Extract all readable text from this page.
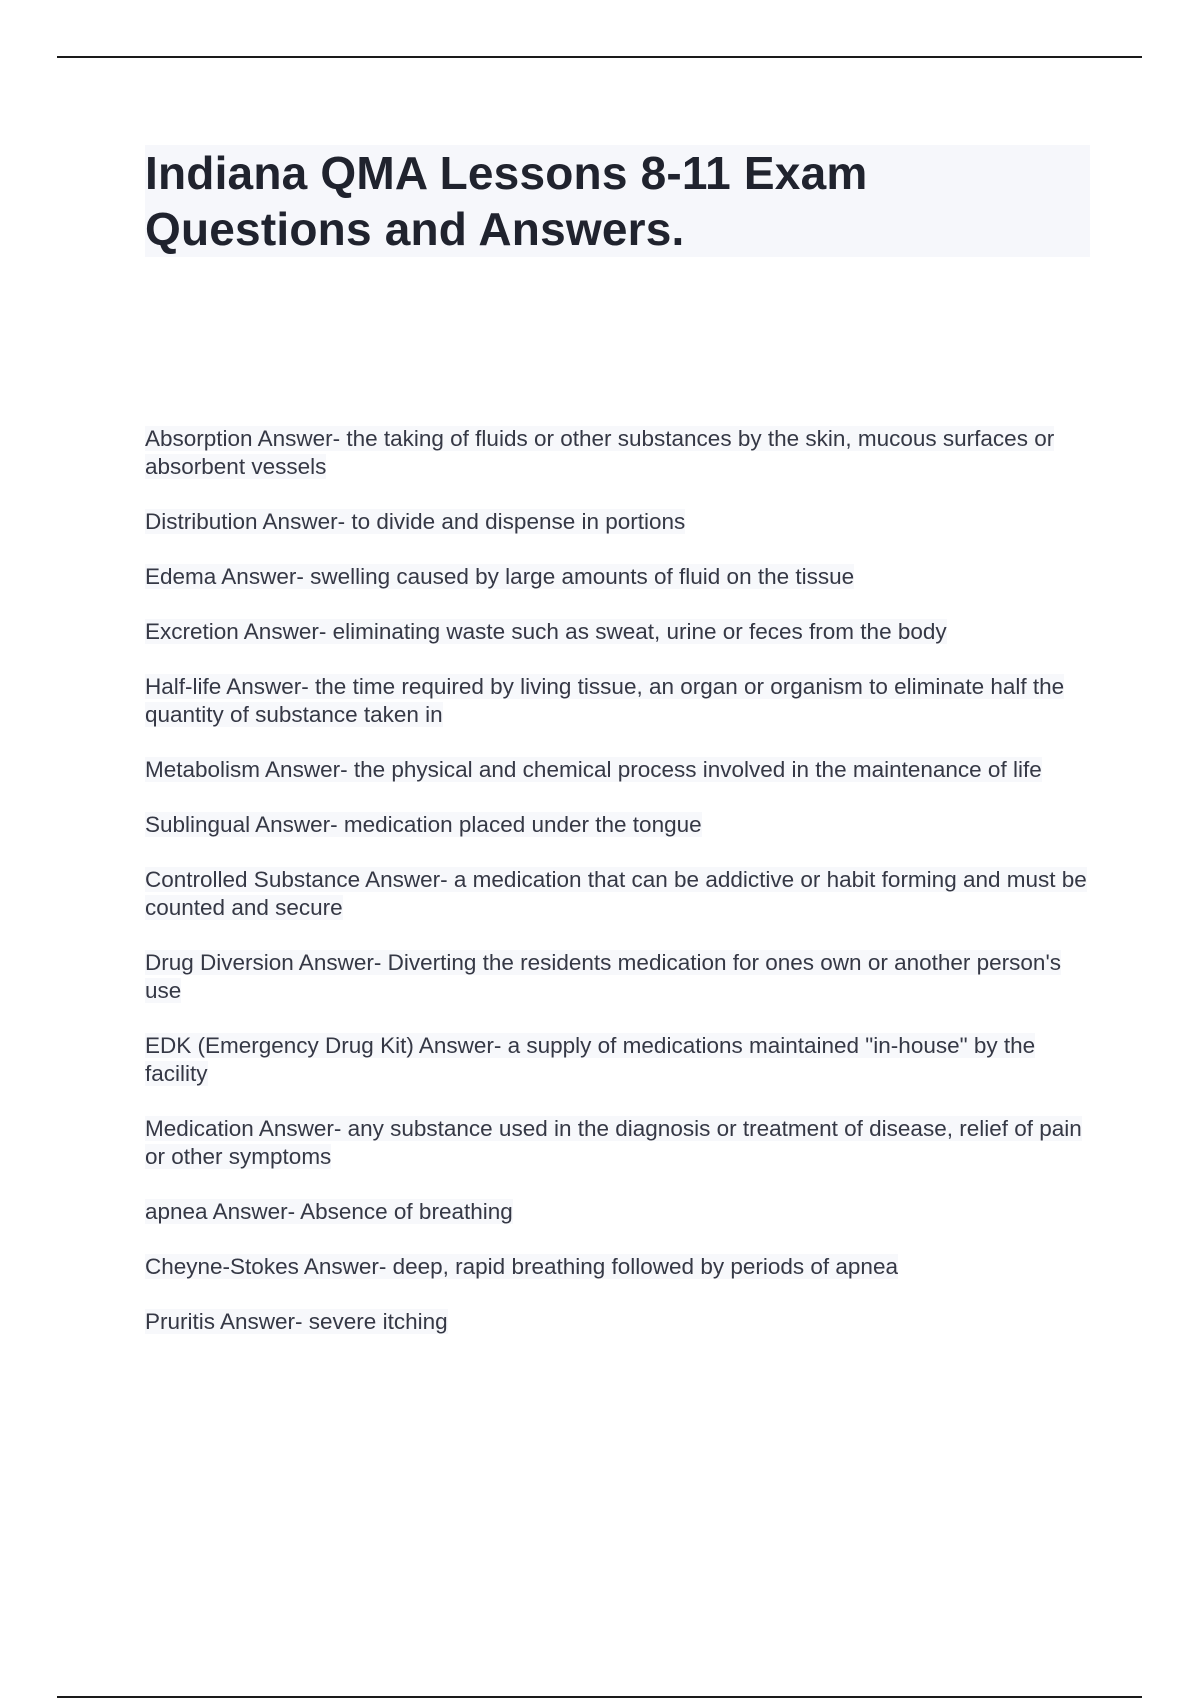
Indiana QMA Lessons 8-11 Exam Questions and Answers.
Absorption Answer- the taking of fluids or other substances by the skin, mucous surfaces or absorbent vessels
Distribution Answer- to divide and dispense in portions
Edema Answer- swelling caused by large amounts of fluid on the tissue
Excretion Answer- eliminating waste such as sweat, urine or feces from the body
Half-life Answer- the time required by living tissue, an organ or organism to eliminate half the quantity of substance taken in
Metabolism Answer- the physical and chemical process involved in the maintenance of life
Sublingual Answer- medication placed under the tongue
Controlled Substance Answer- a medication that can be addictive or habit forming and must be counted and secure
Drug Diversion Answer- Diverting the residents medication for ones own or another person's use
EDK (Emergency Drug Kit) Answer- a supply of medications maintained "in-house" by the facility
Medication Answer- any substance used in the diagnosis or treatment of disease, relief of pain or other symptoms
apnea Answer- Absence of breathing
Cheyne-Stokes Answer- deep, rapid breathing followed by periods of apnea
Pruritis Answer- severe itching
